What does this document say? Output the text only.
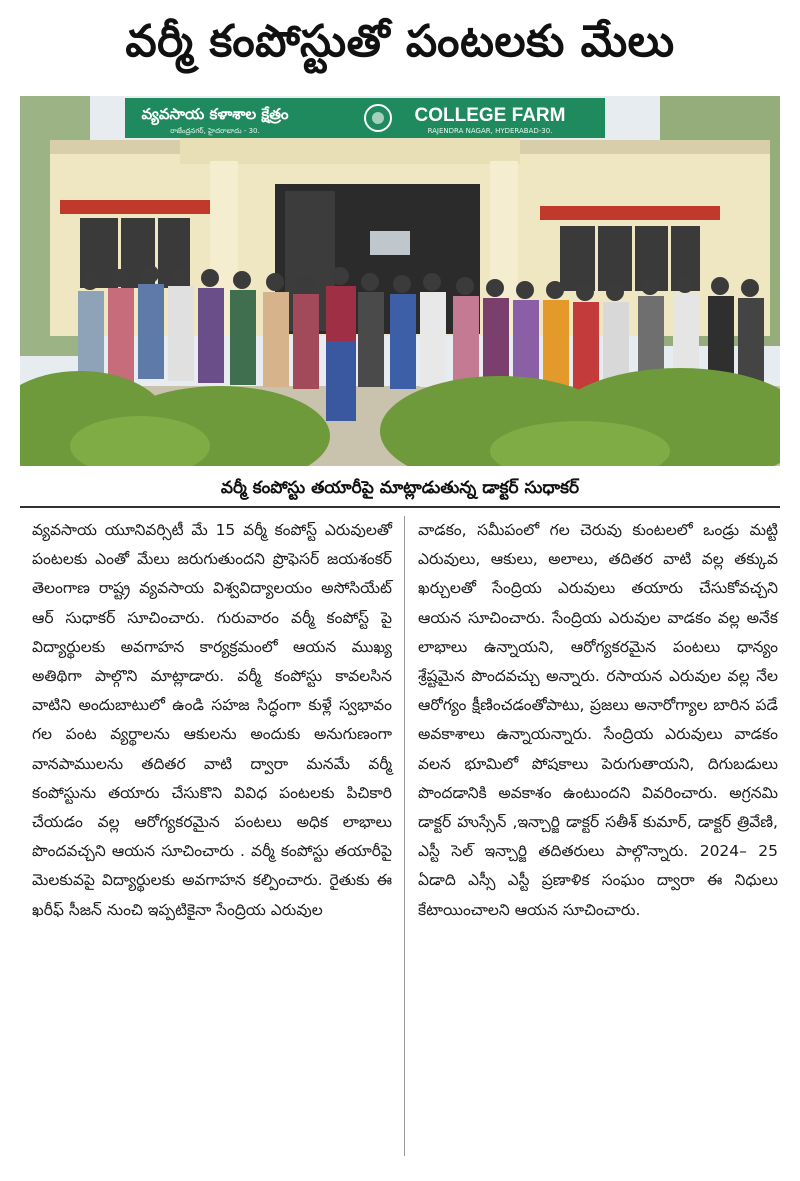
వర్మీ కంపోస్టుతో పంటలకు మేలు
వ్యవసాయ కళాశాల క్షేత్రం
రాజేంద్రనగర్, హైదరాబాదు - 30.
COLLEGE FARM
RAJENDRA NAGAR, HYDERABAD-30.
వర్మీ కంపోస్టు తయారీపై మాట్లాడుతున్న డాక్టర్ సుధాకర్

వ్యవసాయ యూనివర్సిటీ మే 15 వర్మీ కంపోస్ట్ ఎరువులతో పంటలకు ఎంతో మేలు జరుగుతుందని ప్రొఫెసర్ జయశంకర్ తెలంగాణ రాష్ట్ర వ్యవసాయ విశ్వవిద్యాలయం అసోసియేట్ ఆర్ సుధాకర్ సూచించారు. గురువారం వర్మీ కంపోస్ట్ పై విద్యార్థులకు అవగాహన కార్యక్రమంలో ఆయన ముఖ్య అతిథిగా పాల్గొని మాట్లాడారు. వర్మీ కంపోస్టు కావలసిన వాటిని అందుబాటులో ఉండి సహజ సిద్ధంగా కుళ్లే స్వభావం గల పంట వ్యర్థాలను ఆకులను అందుకు అనుగుణంగా వానపాములను తదితర వాటి ద్వారా మనమే వర్మీ కంపోస్టును తయారు చేసుకొని వివిధ పంటలకు పిచికారి చేయడం వల్ల ఆరోగ్యకరమైన పంటలు అధిక లాభాలు పొందవచ్చని ఆయన సూచించారు . వర్మీ కంపోస్టు తయారీపై మెలకువపై విద్యార్థులకు అవగాహన కల్పించారు. రైతుకు ఈ ఖరీఫ్ సీజన్ నుంచి ఇప్పటికైనా సేంద్రియ ఎరువుల

వాడకం, సమీపంలో గల చెరువు కుంటలలో ఒండ్రు మట్టి ఎరువులు, ఆకులు, అలాలు, తదితర వాటి వల్ల తక్కువ ఖర్చులతో సేంద్రియ ఎరువులు తయారు చేసుకోవచ్చని ఆయన సూచించారు. సేంద్రియ ఎరువుల వాడకం వల్ల అనేక లాభాలు ఉన్నాయని, ఆరోగ్యకరమైన పంటలు ధాన్యం శ్రేష్టమైన పొందవచ్చు అన్నారు. రసాయన ఎరువుల వల్ల నేల ఆరోగ్యం క్షీణించడంతోపాటు, ప్రజలు అనారోగ్యాల బారిన పడే అవకాశాలు ఉన్నాయన్నారు. సేంద్రియ ఎరువులు వాడకం వలన భూమిలో పోషకాలు పెరుగుతాయని, దిగుబడులు పొందడానికి అవకాశం ఉంటుందని వివరించారు. అగ్రనమి డాక్టర్ హుస్సేన్ ,ఇన్చార్జి డాక్టర్ సతీశ్ కుమార్, డాక్టర్ త్రివేణి, ఎస్టీ సెల్ ఇన్చార్జి తదితరులు పాల్గొన్నారు. 2024– 25 ఏడాది ఎస్సీ ఎస్టీ ప్రణాళిక సంఘం ద్వారా ఈ నిధులు కేటాయించాలని ఆయన సూచించారు.
